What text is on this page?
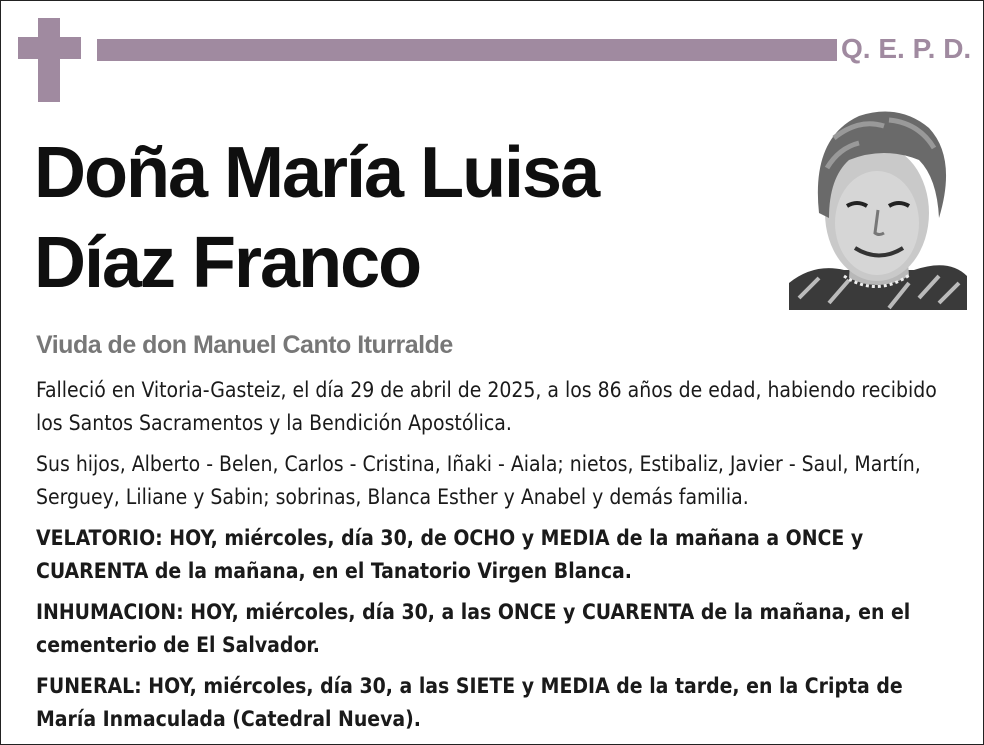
Q. E. P. D.
Doña María Luisa
Díaz Franco
Viuda de don Manuel Canto Iturralde
Falleció en Vitoria-Gasteiz, el día 29 de abril de 2025, a los 86 años de edad, habiendo recibido los Santos Sacramentos y la Bendición Apostólica.
Sus hijos, Alberto - Belen, Carlos - Cristina, Iñaki - Aiala; nietos, Estibaliz, Javier - Saul, Martín, Serguey, Liliane y Sabin; sobrinas, Blanca Esther y Anabel y demás familia.
VELATORIO: HOY, miércoles, día 30, de OCHO y MEDIA de la mañana a ONCE y CUARENTA de la mañana, en el Tanatorio Virgen Blanca.
INHUMACION: HOY, miércoles, día 30, a las ONCE y CUARENTA de la mañana, en el cementerio de El Salvador.
FUNERAL: HOY, miércoles, día 30, a las SIETE y MEDIA de la tarde, en la Cripta de María Inmaculada (Catedral Nueva).
